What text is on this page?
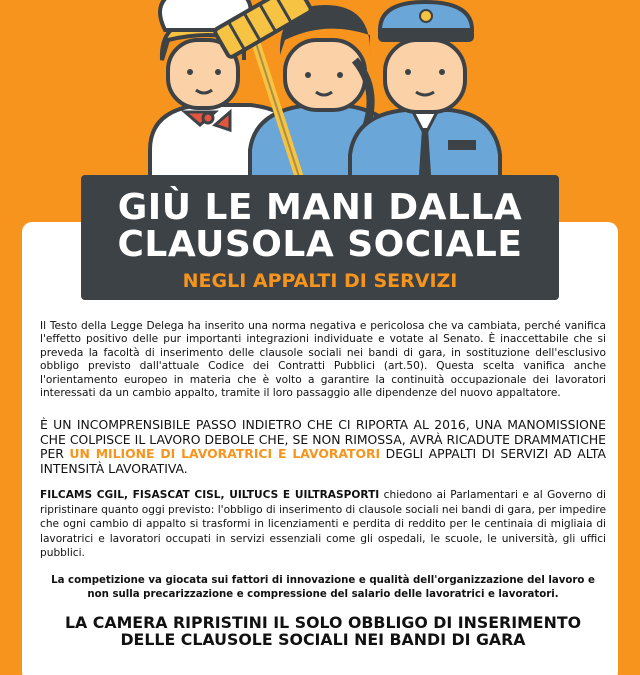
GIÙ LE MANI DALLA
CLAUSOLA SOCIALE
NEGLI APPALTI DI SERVIZI

Il Testo della Legge Delega ha inserito una norma negativa e pericolosa che va cambiata, perché vanifica l'effetto positivo delle pur importanti integrazioni individuate e votate al Senato. È inaccettabile che si preveda la facoltà di inserimento delle clausole sociali nei bandi di gara, in sostituzione dell'esclusivo obbligo previsto dall'attuale Codice dei Contratti Pubblici (art.50). Questa scelta vanifica anche l'orientamento europeo in materia che è volto a garantire la continuità occupazionale dei lavoratori interessati da un cambio appalto, tramite il loro passaggio alle dipendenze del nuovo appaltatore.

È UN INCOMPRENSIBILE PASSO INDIETRO CHE CI RIPORTA AL 2016, UNA MANOMISSIONE CHE COLPISCE IL LAVORO DEBOLE CHE, SE NON RIMOSSA, AVRÀ RICADUTE DRAMMATICHE PER UN MILIONE DI LAVORATRICI E LAVORATORI DEGLI APPALTI DI SERVIZI AD ALTA INTENSITÀ LAVORATIVA.

FILCAMS CGIL, FISASCAT CISL, UILTUCS E UILTRASPORTI chiedono ai Parlamentari e al Governo di ripristinare quanto oggi previsto: l'obbligo di inserimento di clausole sociali nei bandi di gara, per impedire che ogni cambio di appalto si trasformi in licenziamenti e perdita di reddito per le centinaia di migliaia di lavoratrici e lavoratori occupati in servizi essenziali come gli ospedali, le scuole, le università, gli uffici pubblici.

La competizione va giocata sui fattori di innovazione e qualità dell'organizzazione del lavoro e non sulla precarizzazione e compressione del salario delle lavoratrici e lavoratori.

LA CAMERA RIPRISTINI IL SOLO OBBLIGO DI INSERIMENTO DELLE CLAUSOLE SOCIALI NEI BANDI DI GARA
